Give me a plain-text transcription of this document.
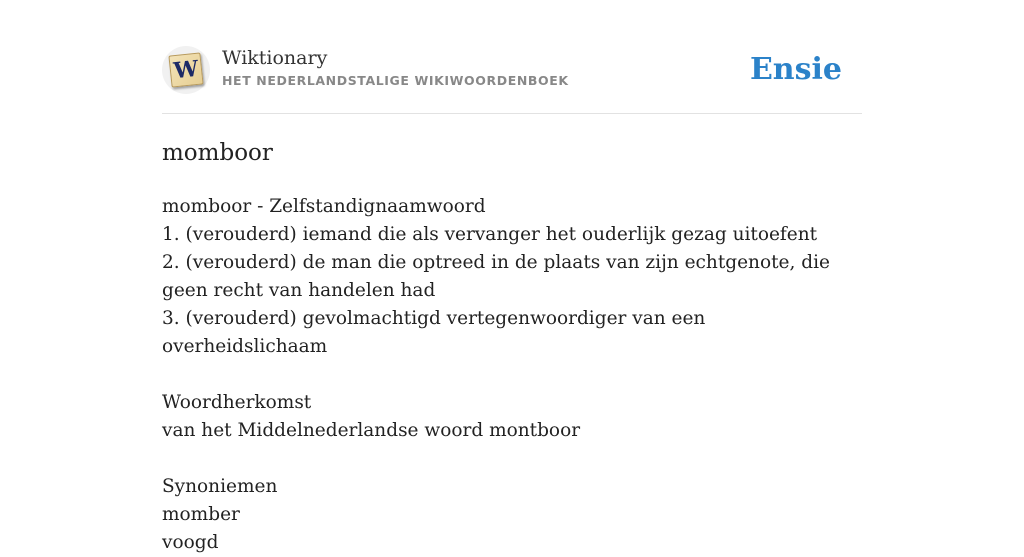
W Wiktionary
HET NEDERLANDSTALIGE WIKIWOORDENBOEK	Ensie
momboor

momboor - Zelfstandignaamwoord

1. (verouderd) iemand die als vervanger het ouderlijk gezag uitoefent

2. (verouderd) de man die optreed in de plaats van zijn echtgenote, die geen recht van handelen had

3. (verouderd) gevolmachtigd vertegenwoordiger van een overheidslichaam

Woordherkomst

van het Middelnederlandse woord montboor

Synoniemen

momber

voogd
